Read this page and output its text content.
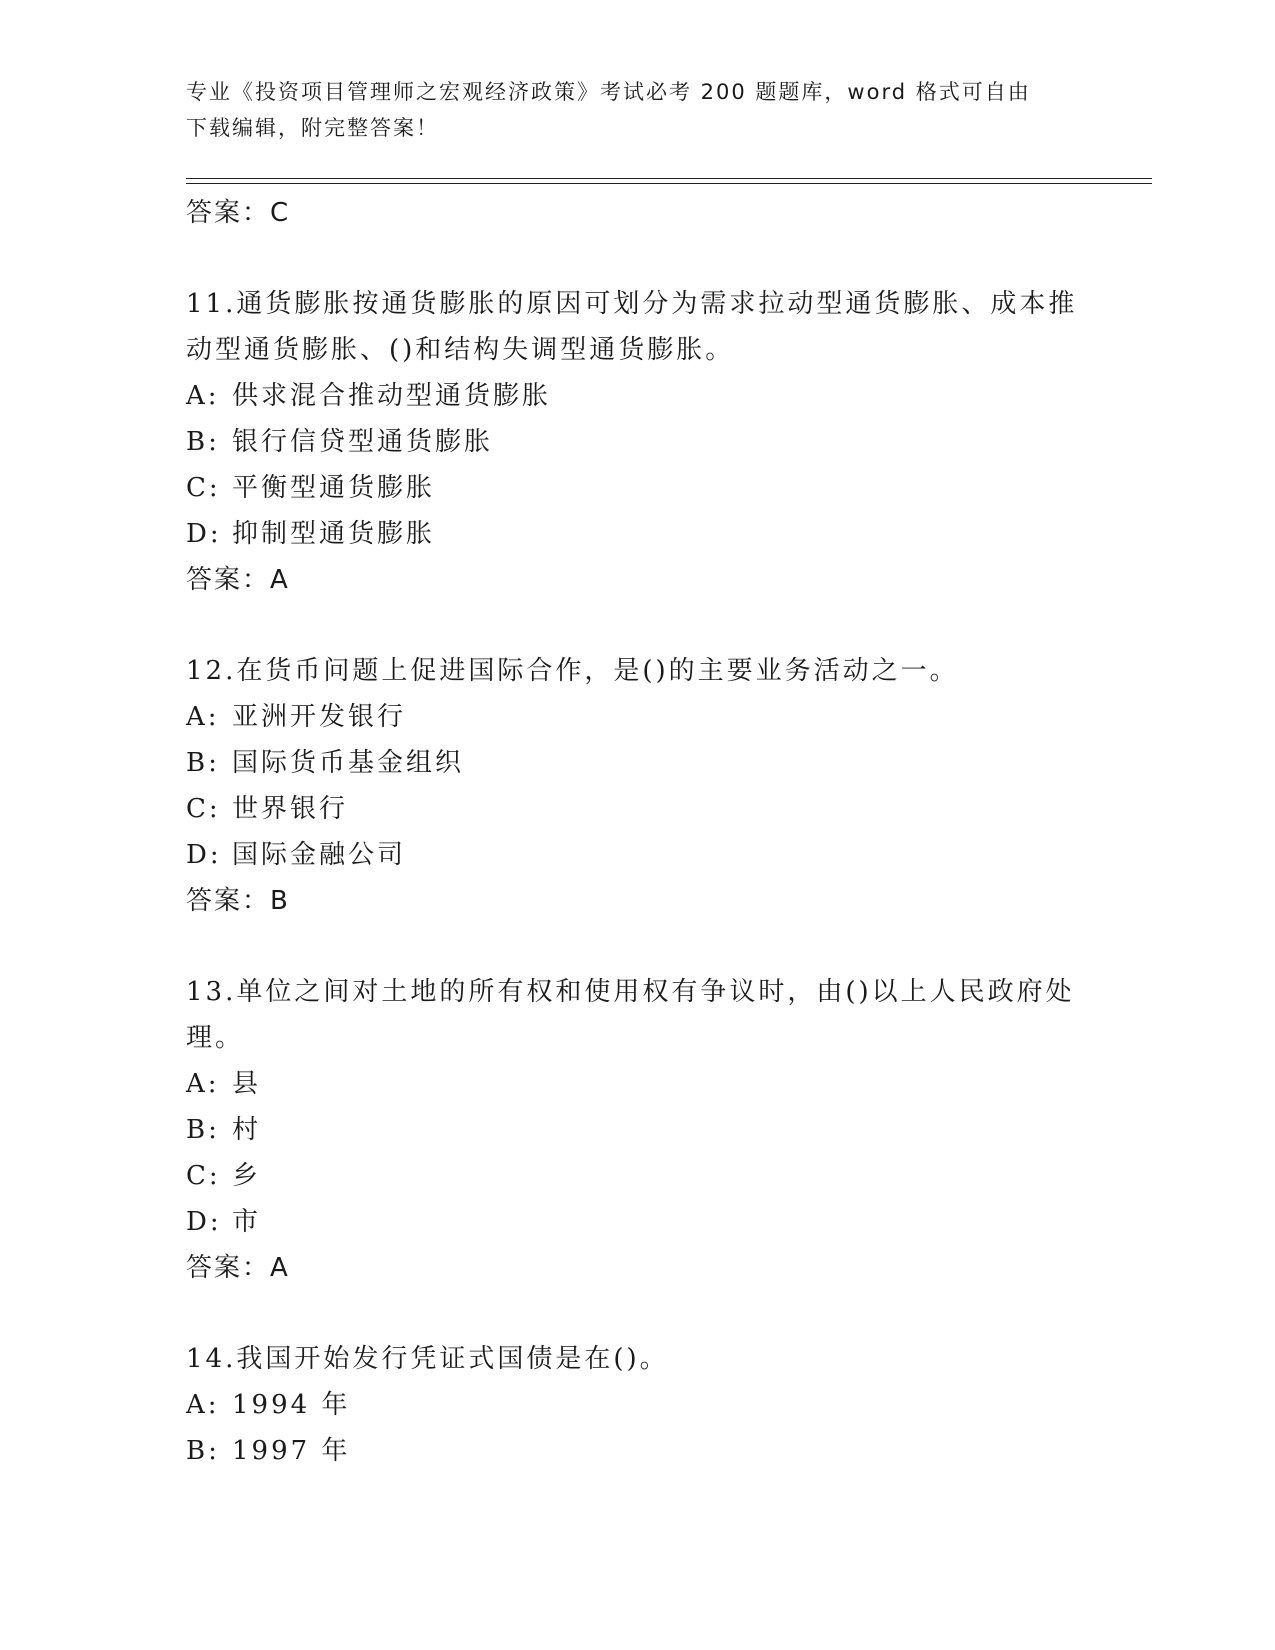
专业《投资项目管理师之宏观经济政策》考试必考 200 题题库，word 格式可自由
下载编辑，附完整答案！
答案：C
11.通货膨胀按通货膨胀的原因可划分为需求拉动型通货膨胀、成本推
动型通货膨胀、()和结构失调型通货膨胀。
A: 供求混合推动型通货膨胀
B: 银行信贷型通货膨胀
C: 平衡型通货膨胀
D: 抑制型通货膨胀
答案：A
12.在货币问题上促进国际合作，是()的主要业务活动之一。
A: 亚洲开发银行
B: 国际货币基金组织
C: 世界银行
D: 国际金融公司
答案：B
13.单位之间对土地的所有权和使用权有争议时，由()以上人民政府处
理。
A: 县
B: 村
C: 乡
D: 市
答案：A
14.我国开始发行凭证式国债是在()。
A: 1994 年
B: 1997 年
